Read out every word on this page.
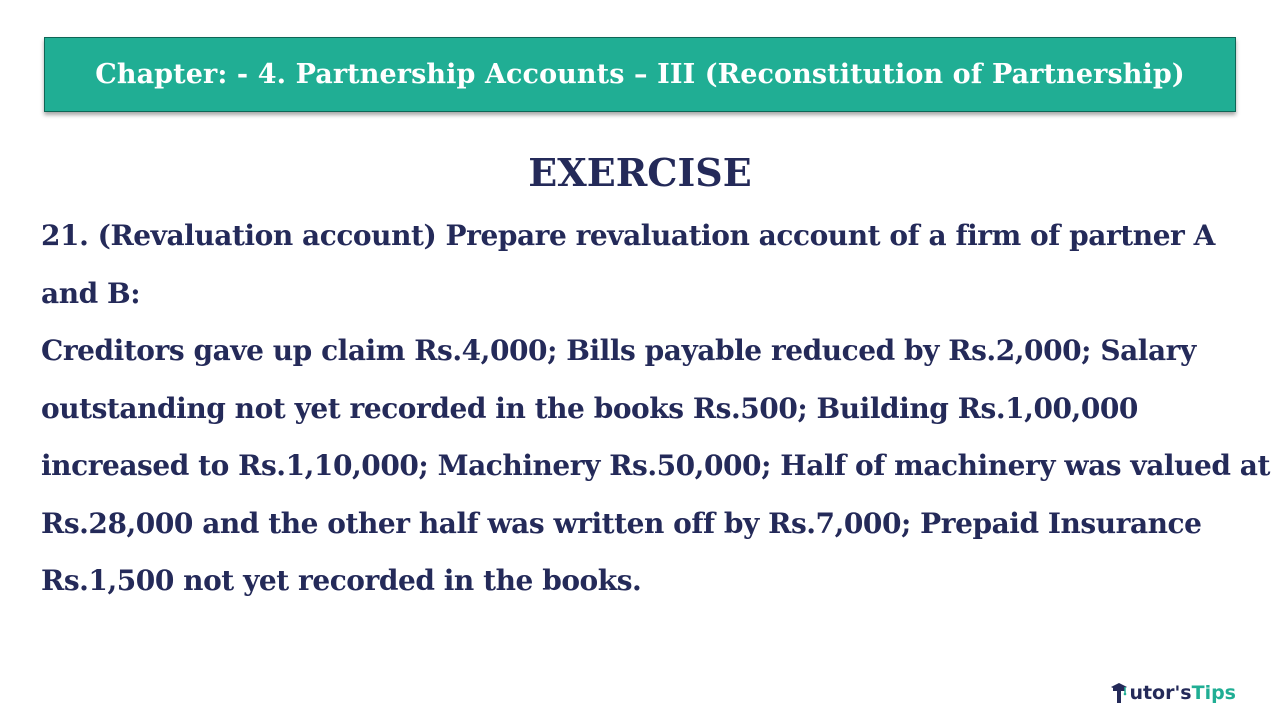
Chapter: - 4. Partnership Accounts – III (Reconstitution of Partnership)
EXERCISE
21. (Revaluation account) Prepare revaluation account of a firm of partner A
and B:
Creditors gave up claim Rs.4,000; Bills payable reduced by Rs.2,000; Salary
outstanding not yet recorded in the books Rs.500; Building Rs.1,00,000
increased to Rs.1,10,000; Machinery Rs.50,000; Half of machinery was valued at
Rs.28,000 and the other half was written off by Rs.7,000; Prepaid Insurance
Rs.1,500 not yet recorded in the books.
utor's Tips
